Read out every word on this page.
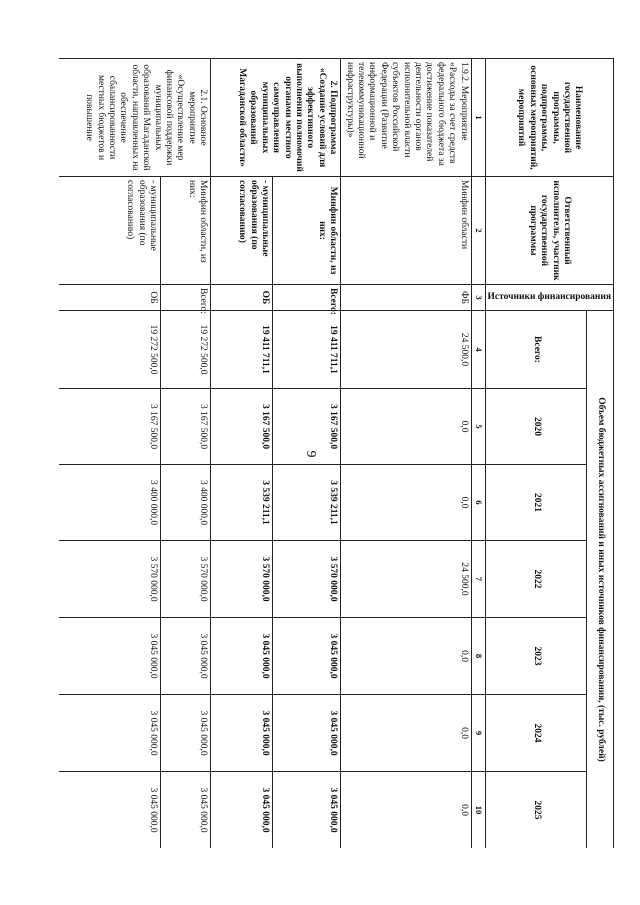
9
Наименование государственной программы, подпрограммы, основных мероприятий, мероприятий	Ответственный исполнитель, участник государственной программы	Источники финансирования	Объем бюджетных ассигнований и иных источников финансирования, (тыс. рублей)						
			Всего:	2020	2021	2022	2023	2024	2025
1	2	3	4	5	6	7	8	9	10
1.9.2. Мероприятие «Расходы за счет средств федерального бюджета за достижение показателей деятельности органов исполнительной власти субъектов Российской Федерации (Развитие информационной и телекоммуникационной инфраструктуры)»	Минфин области	ФБ	24 500,0	0,0	0,0	24 500,0	0,0	0,0	0,0
2. Подпрограмма «Создание условий для эффективного выполнения полномочий органами местного самоуправления муниципальных образований Магаданской области»	Минфин области, из них:	Всего:	19 411 711,1	3 167 500,0	3 539 211,1	3 570 000,0	3 045 000,0	3 045 000,0	3 045 000,0
	- муниципальные образования (по согласованию)	ОБ	19 411 711,1	3 167 500,0	3 539 211,1	3 570 000,0	3 045 000,0	3 045 000,0	3 045 000,0
2.1. Основное мероприятие «Осуществление мер финансовой поддержки муниципальных образований Магаданской области, направленных на обеспечение сбалансированности местных бюджетов и повышение	Минфин области, из них:	Всего:	19 272 500,0	3 167 500,0	3 400 000,0	3 570 000,0	3 045 000,0	3 045 000,0	3 045 000,0
	- муниципальные образования (по согласованию)	ОБ	19 272 500,0	3 167 500,0	3 400 000,0	3 570 000,0	3 045 000,0	3 045 000,0	3 045 000,0
